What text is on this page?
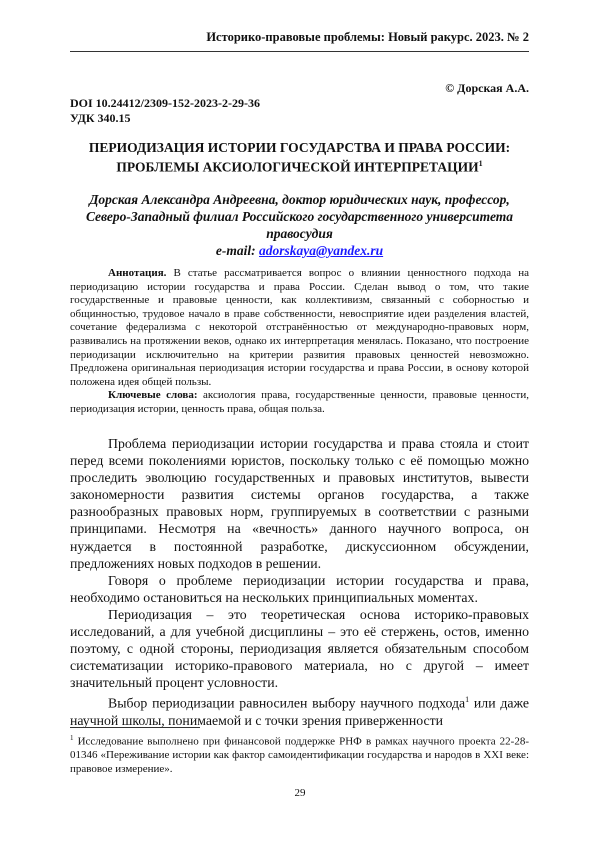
Историко-правовые проблемы: Новый ракурс. 2023. № 2
© Дорская А.А.
DOI 10.24412/2309-152-2023-2-29-36
УДК 340.15
ПЕРИОДИЗАЦИЯ ИСТОРИИ ГОСУДАРСТВА И ПРАВА РОССИИ:
ПРОБЛЕМЫ АКСИОЛОГИЧЕСКОЙ ИНТЕРПРЕТАЦИИ$^1$
Дорская Александра Андреевна, доктор юридических наук, профессор,
Северо-Западный филиал Российского государственного университета
правосудия
e-mail: adorskaya@yandex.ru

Аннотация. В статье рассматривается вопрос о влиянии ценностного подхода на периодизацию истории государства и права России. Сделан вывод о том, что такие государственные и правовые ценности, как коллективизм, связанный с соборностью и общинностью, трудовое начало в праве собственности, невосприятие идеи разделения властей, сочетание федерализма с некоторой отстранённостью от международно-правовых норм, развивались на протяжении веков, однако их интерпретация менялась. Показано, что построение периодизации исключительно на критерии развития правовых ценностей невозможно. Предложена оригинальная периодизация истории государства и права России, в основу которой положена идея общей пользы.

Ключевые слова: аксиология права, государственные ценности, правовые ценности, периодизация истории, ценность права, общая польза.

Проблема периодизации истории государства и права стояла и стоит перед всеми поколениями юристов, поскольку только с её помощью можно проследить эволюцию государственных и правовых институтов, вывести закономерности развития системы органов государства, а также разнообразных правовых норм, группируемых в соответствии с разными принципами. Несмотря на «вечность» данного научного вопроса, он нуждается в постоянной разработке, дискуссионном обсуждении, предложениях новых подходов в решении.

Говоря о проблеме периодизации истории государства и права, необходимо остановиться на нескольких принципиальных моментах.

Периодизация – это теоретическая основа историко-правовых исследований, а для учебной дисциплины – это её стержень, остов, именно поэтому, с одной стороны, периодизация является обязательным способом систематизации историко-правового материала, но с другой – имеет значительный процент условности.

Выбор периодизации равносилен выбору научного подхода$^1$ или даже научной школы, понимаемой и с точки зрения приверженности

$^1$ Исследование выполнено при финансовой поддержке РНФ в рамках научного проекта 22-28-01346 «Переживание истории как фактор самоидентификации государства и народов в XXI веке: правовое измерение».
29
